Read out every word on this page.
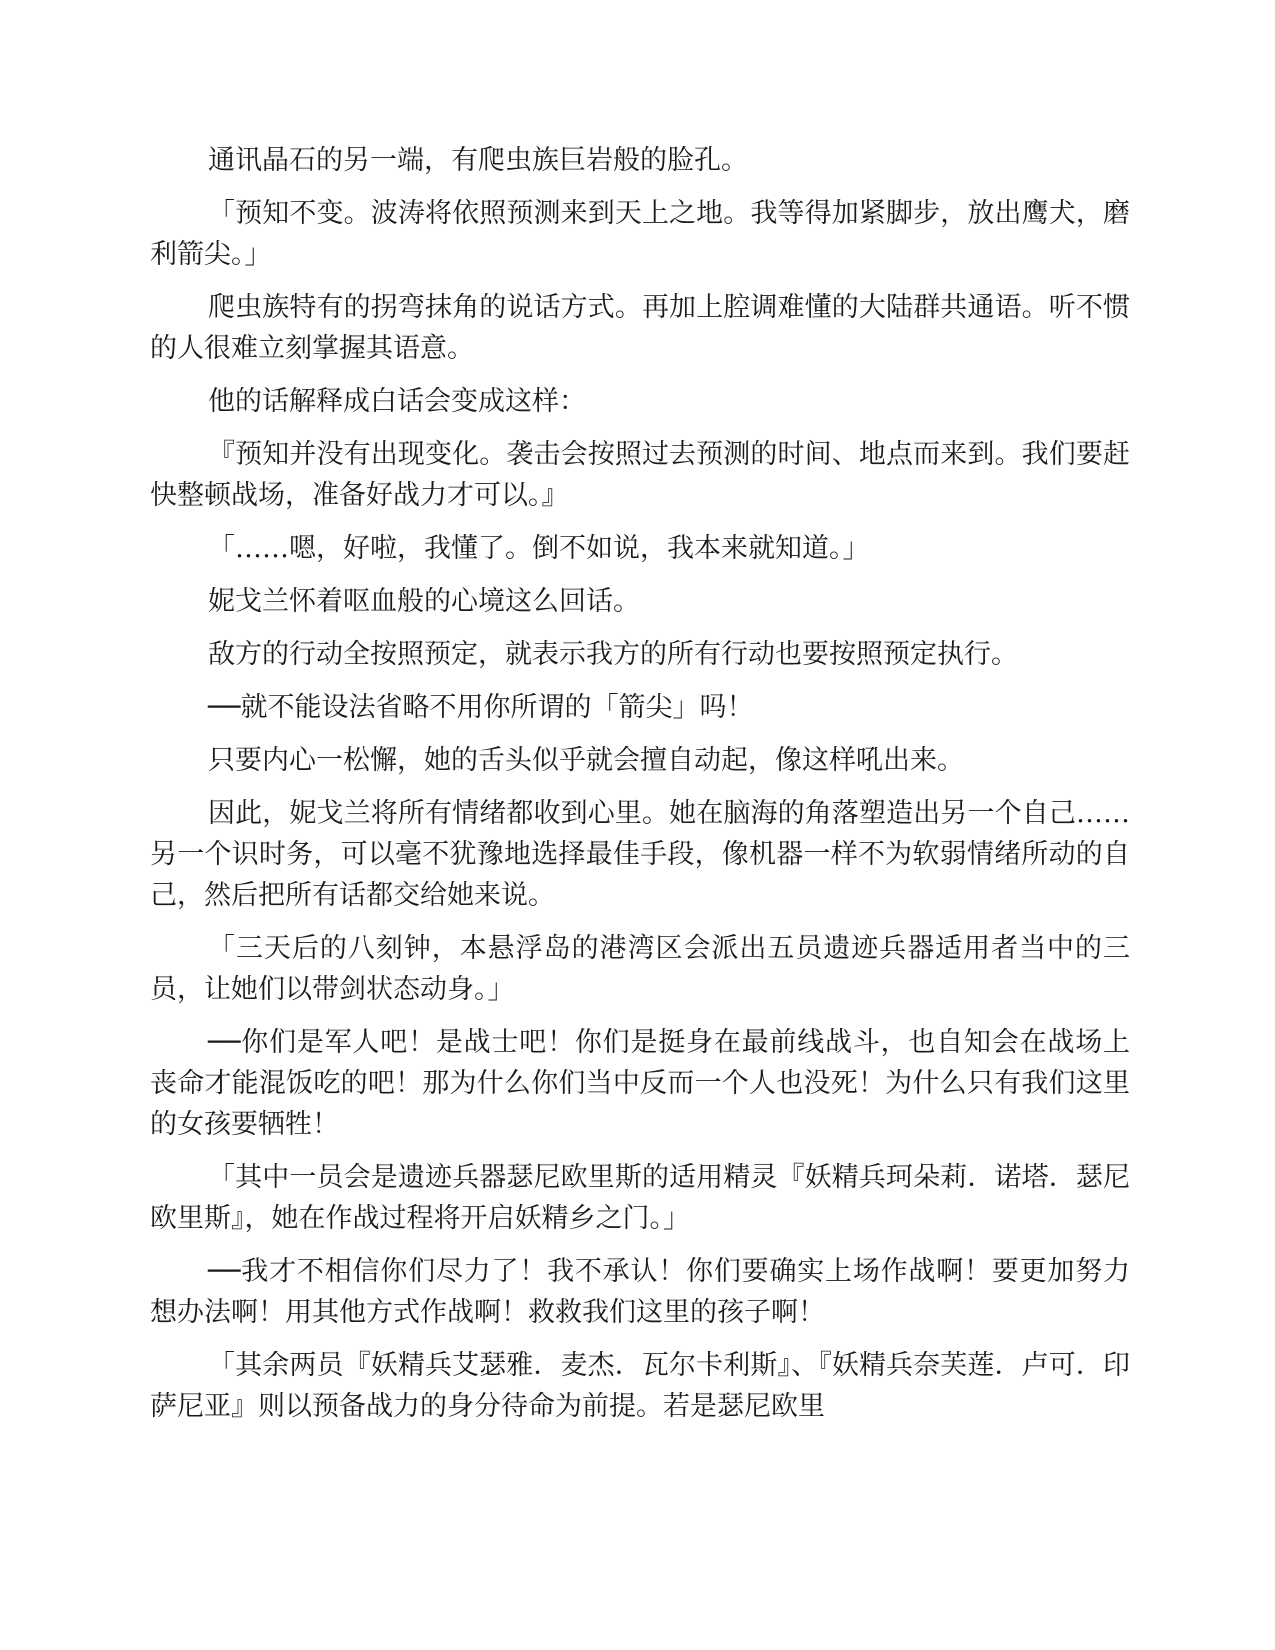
通讯晶石的另一端，有爬虫族巨岩般的脸孔。

「预知不变。波涛将依照预测来到天上之地。我等得加紧脚步，放出鹰犬，磨利箭尖。」

爬虫族特有的拐弯抹角的说话方式。再加上腔调难懂的大陆群共通语。听不惯的人很难立刻掌握其语意。

他的话解释成白话会变成这样：

『预知并没有出现变化。袭击会按照过去预测的时间、地点而来到。我们要赶快整顿战场，准备好战力才可以。』

「……嗯，好啦，我懂了。倒不如说，我本来就知道。」

妮戈兰怀着呕血般的心境这么回话。

敌方的行动全按照预定，就表示我方的所有行动也要按照预定执行。

──就不能设法省略不用你所谓的「箭尖」吗！

只要内心一松懈，她的舌头似乎就会擅自动起，像这样吼出来。

因此，妮戈兰将所有情绪都收到心里。她在脑海的角落塑造出另一个自己……另一个识时务，可以毫不犹豫地选择最佳手段，像机器一样不为软弱情绪所动的自己，然后把所有话都交给她来说。

「三天后的八刻钟，本悬浮岛的港湾区会派出五员遗迹兵器适用者当中的三员，让她们以带剑状态动身。」

──你们是军人吧！是战士吧！你们是挺身在最前线战斗，也自知会在战场上丧命才能混饭吃的吧！那为什么你们当中反而一个人也没死！为什么只有我们这里的女孩要牺牲！

「其中一员会是遗迹兵器瑟尼欧里斯的适用精灵『妖精兵珂朵莉．诺塔．瑟尼欧里斯』，她在作战过程将开启妖精乡之门。」

──我才不相信你们尽力了！我不承认！你们要确实上场作战啊！要更加努力想办法啊！用其他方式作战啊！救救我们这里的孩子啊！

「其余两员『妖精兵艾瑟雅．麦杰．瓦尔卡利斯』、『妖精兵奈芙莲．卢可．印萨尼亚』则以预备战力的身分待命为前提。若是瑟尼欧里
